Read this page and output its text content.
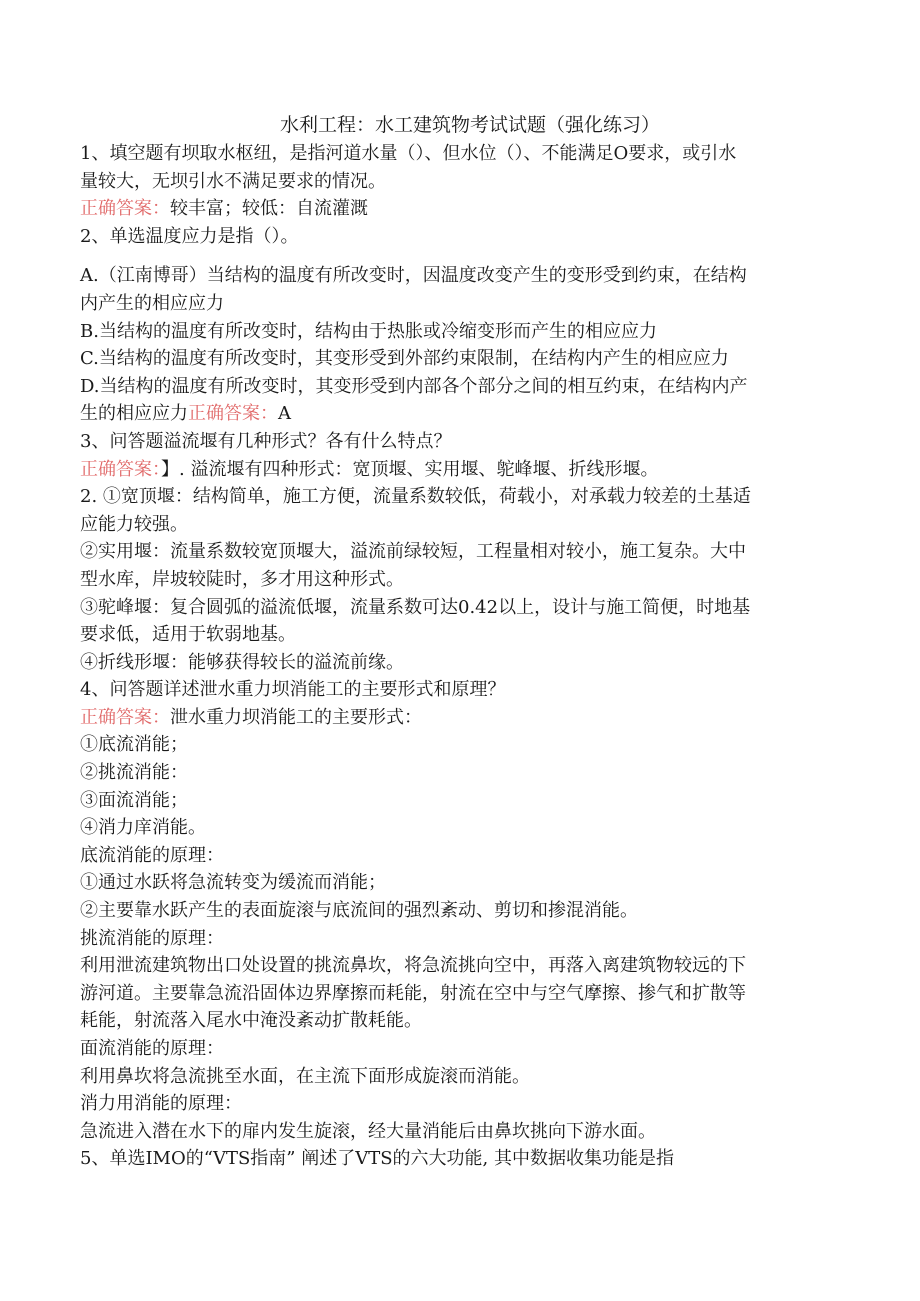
水利工程：水工建筑物考试试题（强化练习）
1、填空题有坝取水枢纽，是指河道水量（）、但水位（）、不能满足O要求，或引水
量较大，无坝引水不满足要求的情况。
正确答案：较丰富；较低：自流灌溉
2、单选温度应力是指（）。
A.（江南博哥）当结构的温度有所改变时，因温度改变产生的变形受到约束，在结构
内产生的相应应力
B.当结构的温度有所改变时，结构由于热胀或冷缩变形而产生的相应应力
C.当结构的温度有所改变时，其变形受到外部约束限制，在结构内产生的相应应力
D.当结构的温度有所改变时，其变形受到内部各个部分之间的相互约束，在结构内产
生的相应应力正确答案：A
3、问答题溢流堰有几种形式？各有什么特点？
正确答案：】. 溢流堰有四种形式：宽顶堰、实用堰、鸵峰堰、折线形堰。
2. ①宽顶堰：结构简单，施工方便，流量系数较低，荷载小，对承载力较差的土基适
应能力较强。
②实用堰：流量系数较宽顶堰大，溢流前绿较短，工程量相对较小，施工复杂。大中
型水库，岸坡较陡时，多才用这种形式。
③驼峰堰：复合圆弧的溢流低堰，流量系数可达0.42以上，设计与施工简便，时地基
要求低，适用于软弱地基。
④折线形堰：能够获得较长的溢流前缘。
4、问答题详述泄水重力坝消能工的主要形式和原理？
正确答案：泄水重力坝消能工的主要形式：
①底流消能；
②挑流消能：
③面流消能；
④消力庠消能。
底流消能的原理：
①通过水跃将急流转变为缓流而消能；
②主要靠水跃产生的表面旋滚与底流间的强烈紊动、剪切和掺混消能。
挑流消能的原理：
利用泄流建筑物出口处设置的挑流鼻坎，将急流挑向空中，再落入离建筑物较远的下
游河道。主要靠急流沿固体边界摩擦而耗能，射流在空中与空气摩擦、掺气和扩散等
耗能，射流落入尾水中淹没紊动扩散耗能。
面流消能的原理：
利用鼻坎将急流挑至水面，在主流下面形成旋滚而消能。
消力用消能的原理：
急流进入潜在水下的扉内发生旋滚，经大量消能后由鼻坎挑向下游水面。
5、单选IMO的“VTS指南” 阐述了VTS的六大功能, 其中数据收集功能是指
